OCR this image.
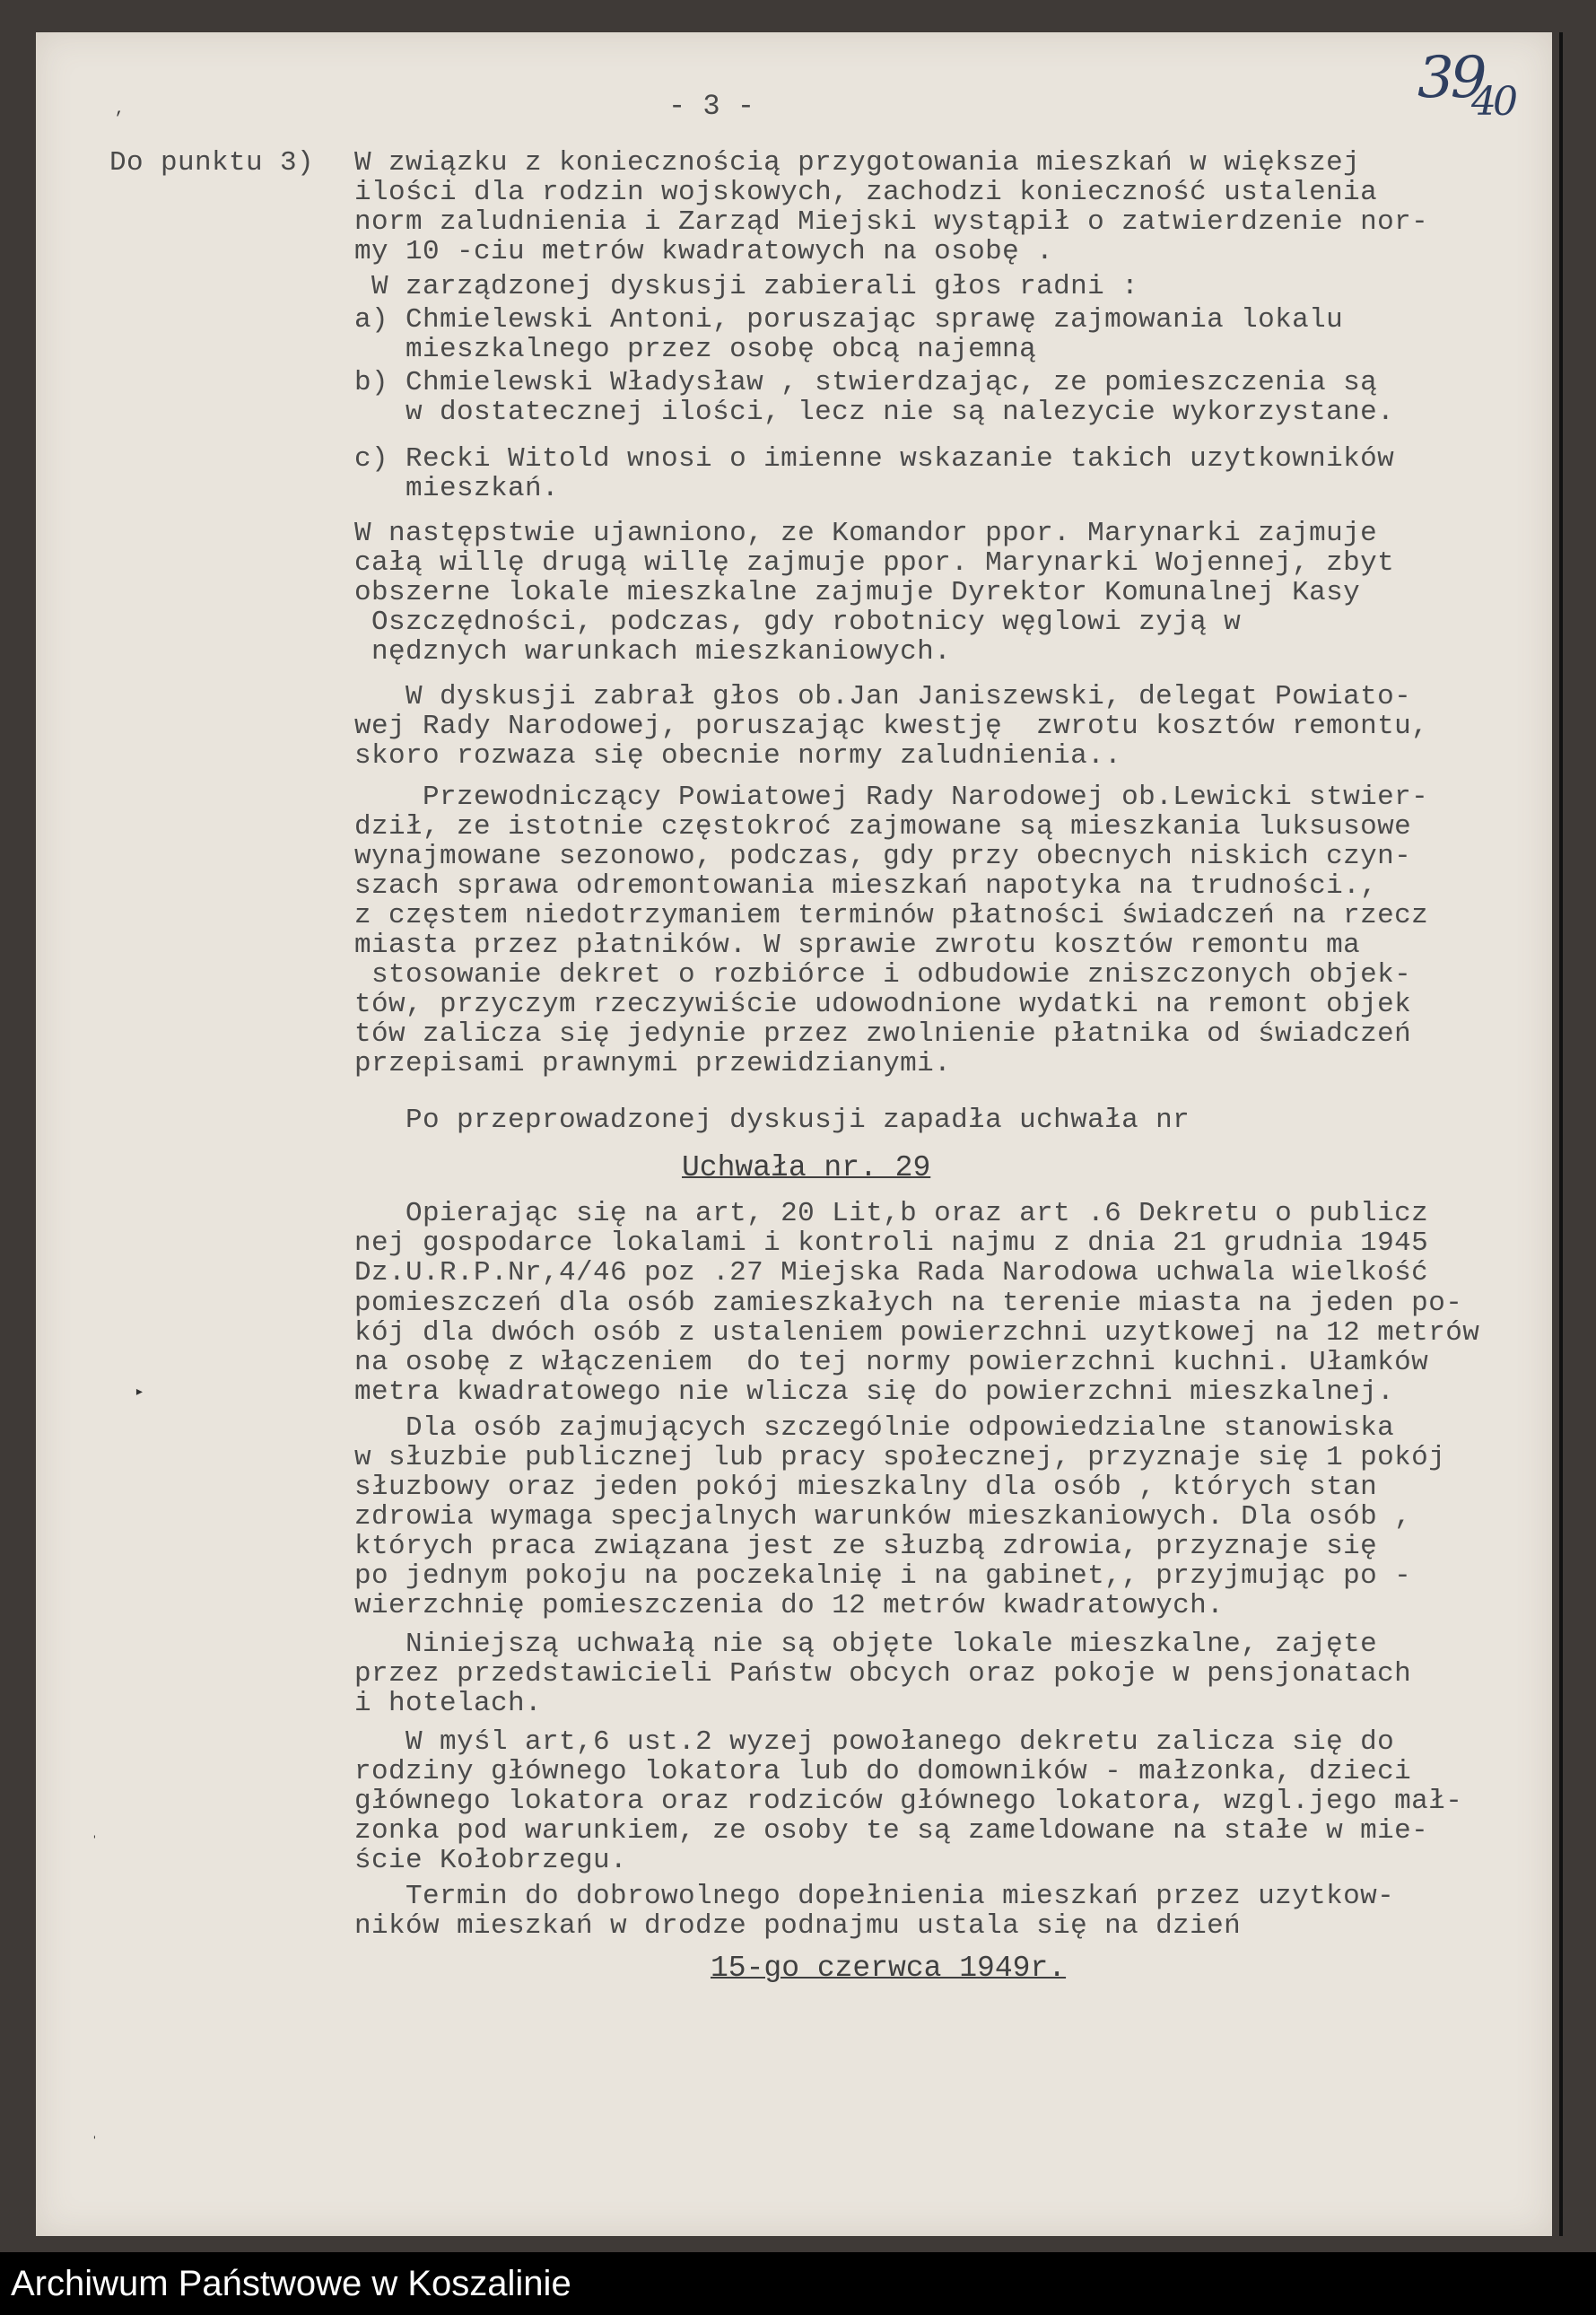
39
40
- 3 -
,
▸
ˈ
ˈ
Do punktu 3) W związku z koniecznością przygotowania mieszkań w większej
ilości dla rodzin wojskowych, zachodzi konieczność ustalenia
norm zaludnienia i Zarząd Miejski wystąpił o zatwierdzenie nor-
my 10 -ciu metrów kwadratowych na osobę .
W zarządzonej dyskusji zabierali głos radni :
a) Chmielewski Antoni, poruszając sprawę zajmowania lokalu
mieszkalnego przez osobę obcą najemną
b) Chmielewski Władysław , stwierdzając, ze pomieszczenia są
w dostatecznej ilości, lecz nie są nalezycie wykorzystane.
c) Recki Witold wnosi o imienne wskazanie takich uzytkowników
mieszkań.
W następstwie ujawniono, ze Komandor ppor. Marynarki zajmuje
całą willę drugą willę zajmuje ppor. Marynarki Wojennej, zbyt
obszerne lokale mieszkalne zajmuje Dyrektor Komunalnej Kasy
Oszczędności, podczas, gdy robotnicy węglowi zyją w
nędznych warunkach mieszkaniowych.
W dyskusji zabrał głos ob.Jan Janiszewski, delegat Powiato-
wej Rady Narodowej, poruszając kwestję  zwrotu kosztów remontu,
skoro rozwaza się obecnie normy zaludnienia..
Przewodniczący Powiatowej Rady Narodowej ob.Lewicki stwier-
dził, ze istotnie częstokroć zajmowane są mieszkania luksusowe
wynajmowane sezonowo, podczas, gdy przy obecnych niskich czyn-
szach sprawa odremontowania mieszkań napotyka na trudności.,
z częstem niedotrzymaniem terminów płatności świadczeń na rzecz
miasta przez płatników. W sprawie zwrotu kosztów remontu ma
stosowanie dekret o rozbiórce i odbudowie zniszczonych objek-
tów, przyczym rzeczywiście udowodnione wydatki na remont objek
tów zalicza się jedynie przez zwolnienie płatnika od świadczeń
przepisami prawnymi przewidzianymi.
Po przeprowadzonej dyskusji zapadła uchwała nr
Uchwała nr. 29
Opierając się na art, 20 Lit,b oraz art .6 Dekretu o publicz
nej gospodarce lokalami i kontroli najmu z dnia 21 grudnia 1945
Dz.U.R.P.Nr,4/46 poz .27 Miejska Rada Narodowa uchwala wielkość
pomieszczeń dla osób zamieszkałych na terenie miasta na jeden po-
kój dla dwóch osób z ustaleniem powierzchni uzytkowej na 12 metrów
na osobę z włączeniem  do tej normy powierzchni kuchni. Ułamków
metra kwadratowego nie wlicza się do powierzchni mieszkalnej.
Dla osób zajmujących szczególnie odpowiedzialne stanowiska
w słuzbie publicznej lub pracy społecznej, przyznaje się 1 pokój
słuzbowy oraz jeden pokój mieszkalny dla osób , których stan
zdrowia wymaga specjalnych warunków mieszkaniowych. Dla osób ,
których praca związana jest ze słuzbą zdrowia, przyznaje się
po jednym pokoju na poczekalnię i na gabinet,, przyjmując po -
wierzchnię pomieszczenia do 12 metrów kwadratowych.
Niniejszą uchwałą nie są objęte lokale mieszkalne, zajęte
przez przedstawicieli Państw obcych oraz pokoje w pensjonatach
i hotelach.
W myśl art,6 ust.2 wyzej powołanego dekretu zalicza się do
rodziny głównego lokatora lub do domowników - małzonka, dzieci
głównego lokatora oraz rodziców głównego lokatora, wzgl.jego mał-
zonka pod warunkiem, ze osoby te są zameldowane na stałe w mie-
ście Kołobrzegu.
Termin do dobrowolnego dopełnienia mieszkań przez uzytkow-
ników mieszkań w drodze podnajmu ustala się na dzień
15-go czerwca 1949r.
Archiwum Państwowe w Koszalinie
